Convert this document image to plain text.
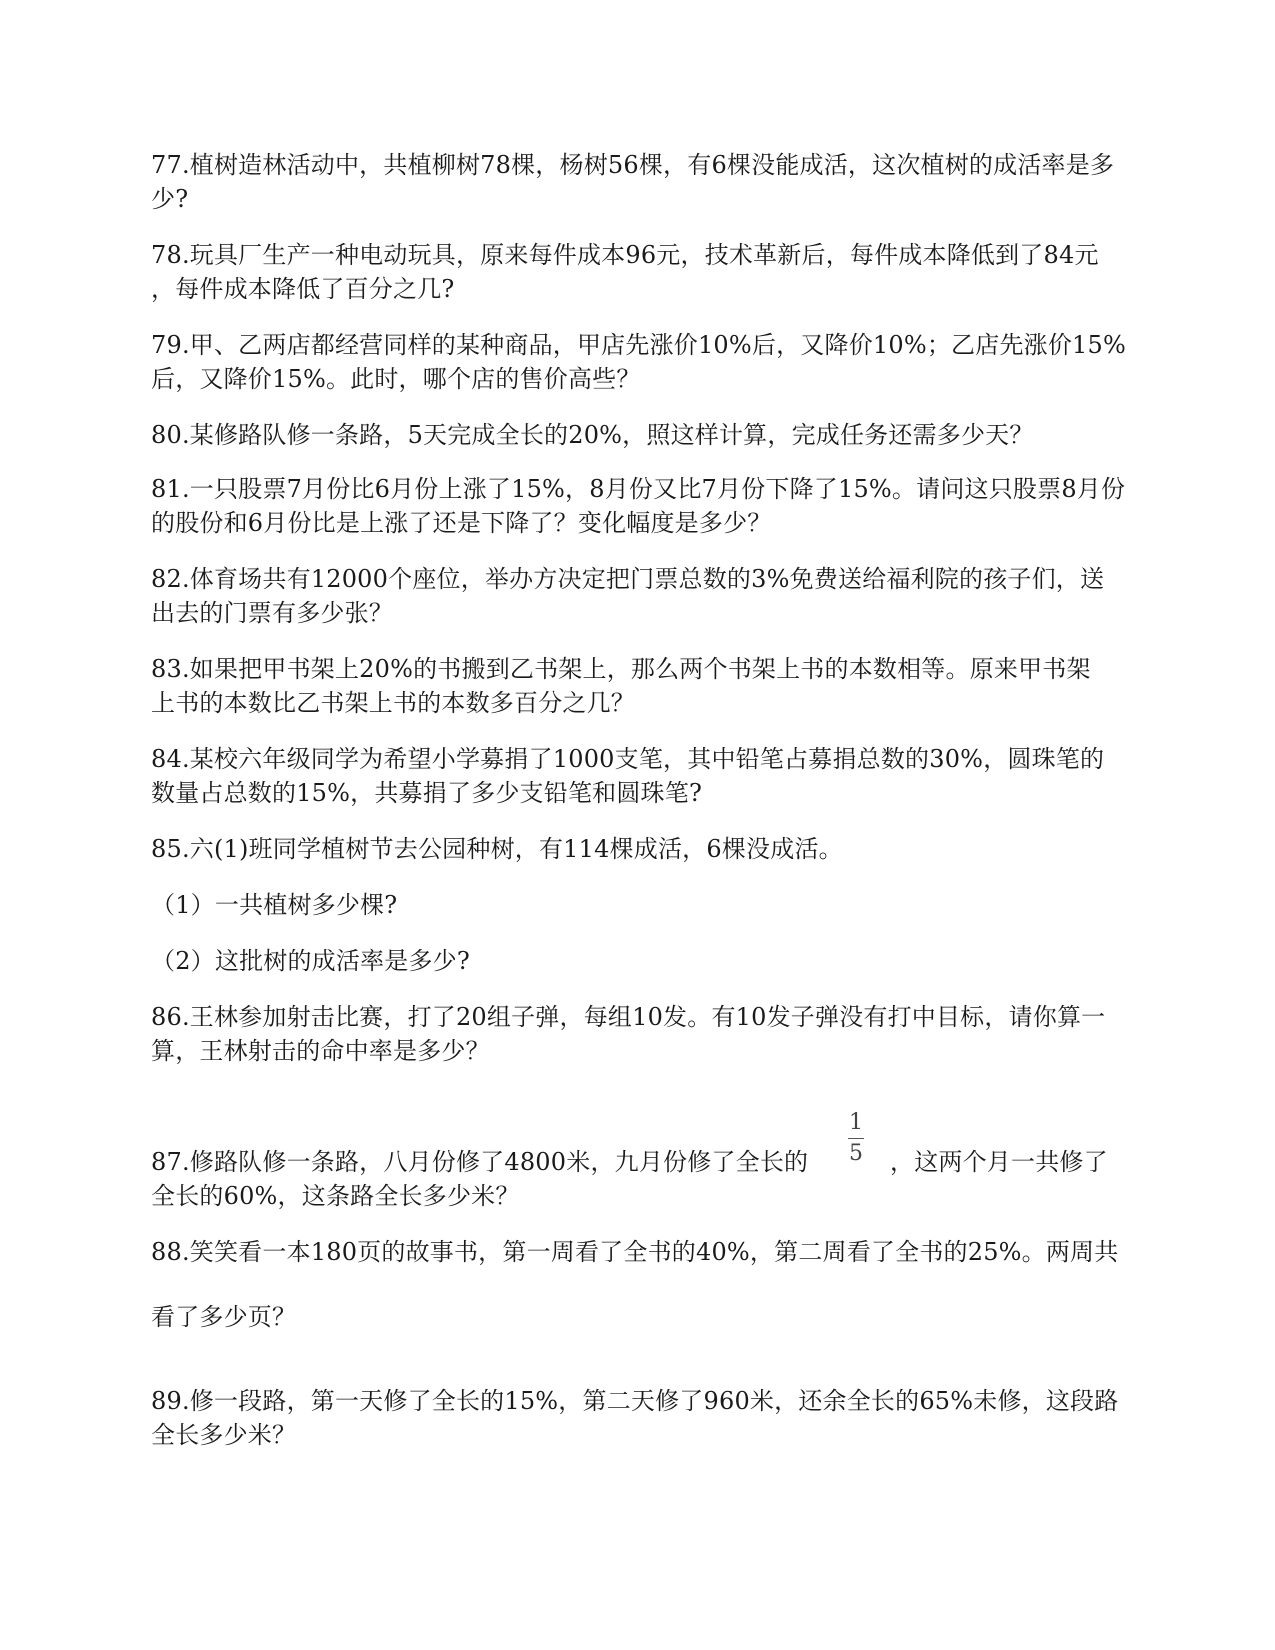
77.植树造林活动中，共植柳树78棵，杨树56棵，有6棵没能成活，这次植树的成活率是多
少?
78.玩具厂生产一种电动玩具，原来每件成本96元，技术革新后，每件成本降低到了84元
，每件成本降低了百分之几?
79.甲、乙两店都经营同样的某种商品，甲店先涨价10%后，又降价10%；乙店先涨价15%
后，又降价15%。此时，哪个店的售价高些？
80.某修路队修一条路，5天完成全长的20%，照这样计算，完成任务还需多少天？
81.一只股票7月份比6月份上涨了15%，8月份又比7月份下降了15%。请问这只股票8月份
的股份和6月份比是上涨了还是下降了？变化幅度是多少？
82.体育场共有12000个座位，举办方决定把门票总数的3%免费送给福利院的孩子们，送
出去的门票有多少张？
83.如果把甲书架上20%的书搬到乙书架上，那么两个书架上书的本数相等。原来甲书架
上书的本数比乙书架上书的本数多百分之几？
84.某校六年级同学为希望小学募捐了1000支笔，其中铅笔占募捐总数的30%，圆珠笔的
数量占总数的15%，共募捐了多少支铅笔和圆珠笔?
85.六(1)班同学植树节去公园种树，有114棵成活，6棵没成活。
（1）一共植树多少棵?
（2）这批树的成活率是多少?
86.王林参加射击比赛，打了20组子弹，每组10发。有10发子弹没有打中目标，请你算一
算，王林射击的命中率是多少？
87.修路队修一条路，八月份修了4800米，九月份修了全长的
1
5	，这两个月一共修了
全长的60%，这条路全长多少米？
88.笑笑看一本180页的故事书，第一周看了全书的40%，第二周看了全书的25%。两周共
看了多少页？
89.修一段路，第一天修了全长的15%，第二天修了960米，还余全长的65%未修，这段路
全长多少米？
